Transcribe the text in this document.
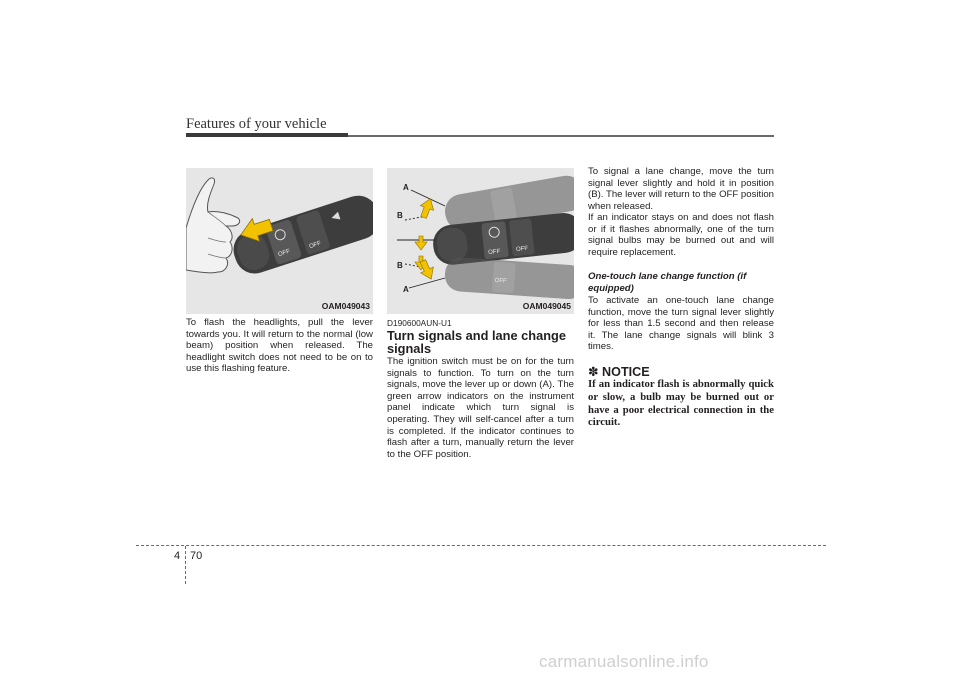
Features of your vehicle
OFF
OFF
OAM049043
OFF	OFF
OFF
A
B
B
A
OAM049045

To flash the headlights, pull the lever towards you. It will return to the normal (low beam) position when released. The headlight switch does not need to be on to use this flashing feature.

D190600AUN-U1
Turn signals and lane change signals

The ignition switch must be on for the turn signals to function. To turn on the turn signals, move the lever up or down (A). The green arrow indicators on the instrument panel indicate which turn signal is operating. They will self-cancel after a turn is completed. If the indicator continues to flash after a turn, manually return the lever to the OFF position.

To signal a lane change, move the turn signal lever slightly and hold it in position (B). The lever will return to the OFF position when released.

If an indicator stays on and does not flash or if it flashes abnormally, one of the turn signal bulbs may be burned out and will require replacement.

One-touch lane change function (if equipped)

To activate an one-touch lane change function, move the turn signal lever slightly for less than 1.5 second and then release it. The lane change signals will blink 3 times.

✽ NOTICE

If an indicator flash is abnormally quick or slow, a bulb may be burned out or have a poor electrical connection in the circuit.

4 70
carmanualsonline.info
